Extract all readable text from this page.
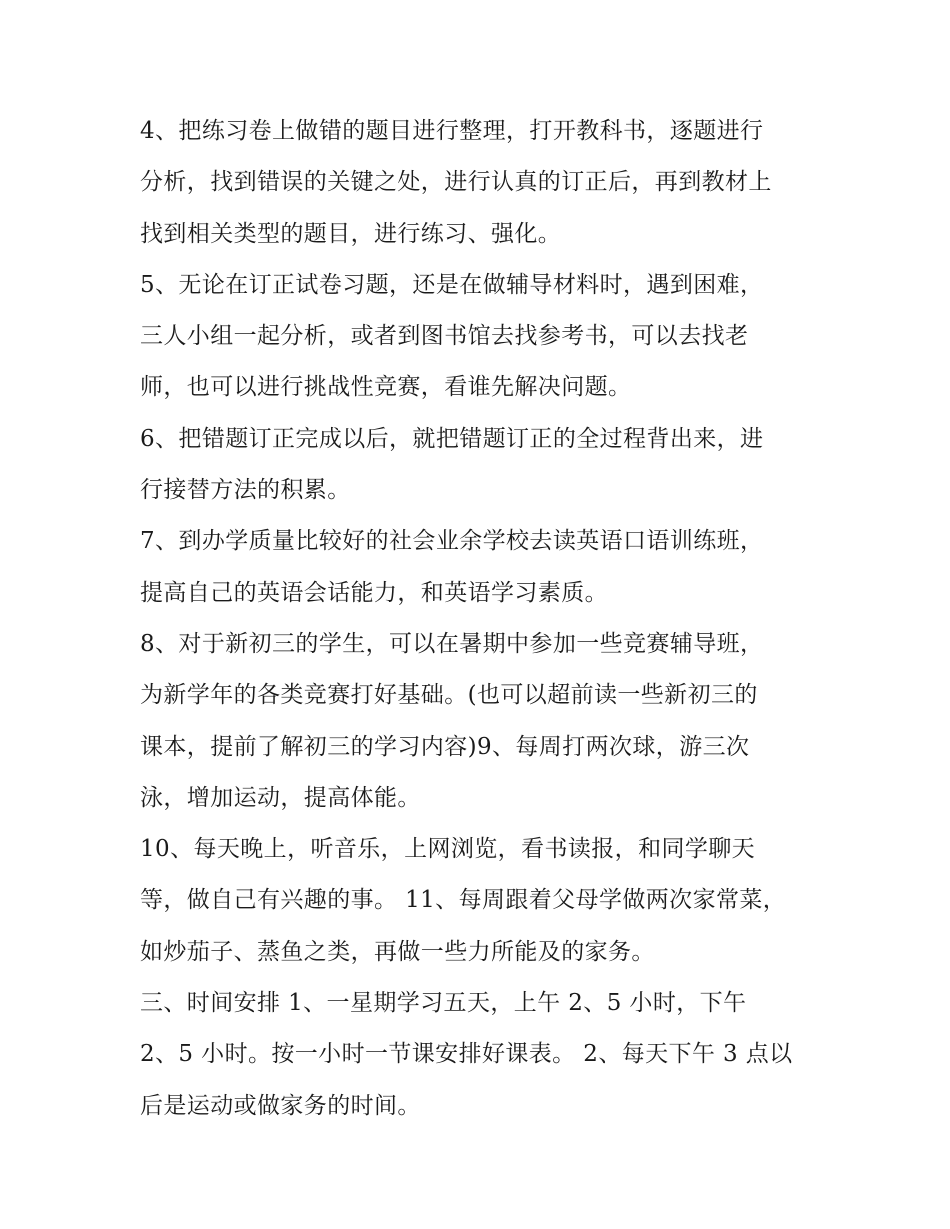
4、把练习卷上做错的题目进行整理，打开教科书，逐题进行
分析，找到错误的关键之处，进行认真的订正后，再到教材上
找到相关类型的题目，进行练习、强化。
5、无论在订正试卷习题，还是在做辅导材料时，遇到困难，
三人小组一起分析，或者到图书馆去找参考书，可以去找老
师，也可以进行挑战性竞赛，看谁先解决问题。
6、把错题订正完成以后，就把错题订正的全过程背出来，进
行接替方法的积累。
7、到办学质量比较好的社会业余学校去读英语口语训练班，
提高自己的英语会话能力，和英语学习素质。
8、对于新初三的学生，可以在暑期中参加一些竞赛辅导班，
为新学年的各类竞赛打好基础。(也可以超前读一些新初三的
课本，提前了解初三的学习内容)9、每周打两次球，游三次
泳，增加运动，提高体能。
10、每天晚上，听音乐，上网浏览，看书读报，和同学聊天
等，做自己有兴趣的事。 11、每周跟着父母学做两次家常菜，
如炒茄子、蒸鱼之类，再做一些力所能及的家务。
三、时间安排 1、一星期学习五天，上午 2、5 小时，下午
2、5 小时。按一小时一节课安排好课表。 2、每天下午 3 点以
后是运动或做家务的时间。
